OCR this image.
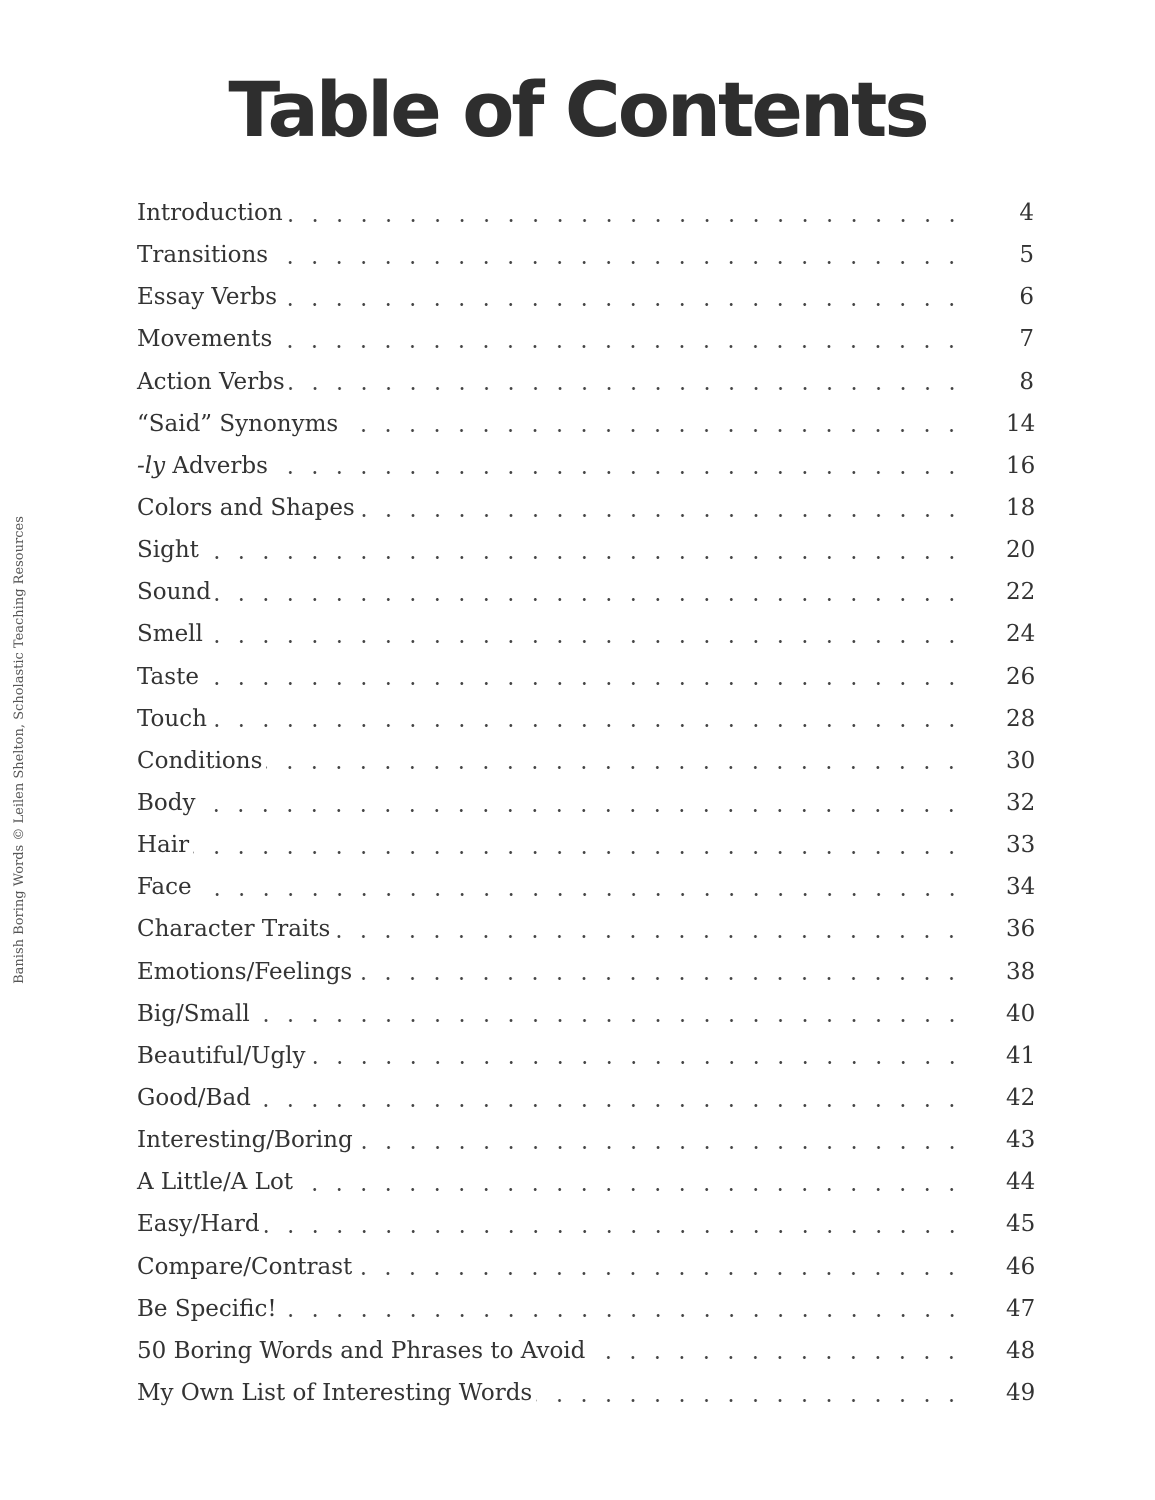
Table of Contents
Introduction	4
Transitions	5
Essay Verbs	6
Movements	7
Action Verbs	8
“Said” Synonyms	14
-ly Adverbs	16
Colors and Shapes	18
Sight	20
Sound	22
Smell	24
Taste	26
Touch	28
Conditions	30
Body	32
Hair	33
Face	34
Character Traits	36
Emotions/Feelings	38
Big/Small	40
Beautiful/Ugly	41
Good/Bad	42
Interesting/Boring	43
A Little/A Lot	44
Easy/Hard	45
Compare/Contrast	46
Be Specific!	47
50 Boring Words and Phrases to Avoid	48
My Own List of Interesting Words	49
Banish Boring Words © Leilen Shelton, Scholastic Teaching Resources
